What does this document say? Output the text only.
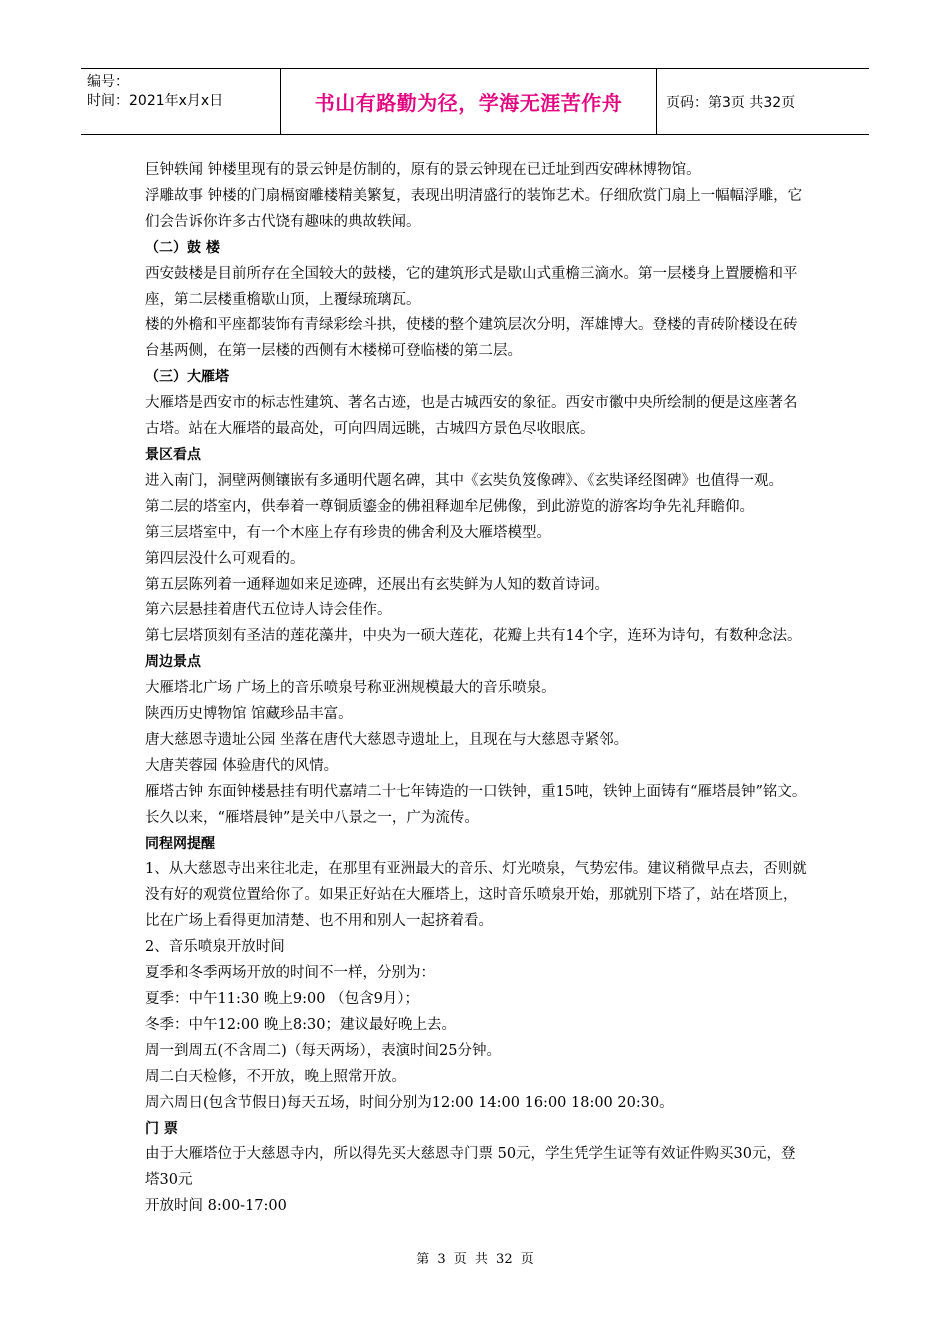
编号：
时间：2021年x月x日	书山有路勤为径，学海无涯苦作舟	页码：第3页 共32页

巨钟轶闻 钟楼里现有的景云钟是仿制的，原有的景云钟现在已迁址到西安碑林博物馆。

浮雕故事 钟楼的门扇槅窗雕楼精美繁复，表现出明清盛行的装饰艺术。仔细欣赏门扇上一幅幅浮雕，它们会告诉你许多古代饶有趣味的典故轶闻。

（二）鼓 楼

西安鼓楼是目前所存在全国较大的鼓楼，它的建筑形式是歇山式重檐三滴水。第一层楼身上置腰檐和平座，第二层楼重檐歇山顶，上覆绿琉璃瓦。

楼的外檐和平座都装饰有青绿彩绘斗拱，使楼的整个建筑层次分明，浑雄博大。登楼的青砖阶楼设在砖台基两侧，在第一层楼的西侧有木楼梯可登临楼的第二层。

（三）大雁塔

大雁塔是西安市的标志性建筑、著名古迹，也是古城西安的象征。西安市徽中央所绘制的便是这座著名古塔。站在大雁塔的最高处，可向四周远眺，古城四方景色尽收眼底。

景区看点

进入南门，洞壁两侧镶嵌有多通明代题名碑，其中《玄奘负笈像碑》、《玄奘译经图碑》也值得一观。

第二层的塔室内，供奉着一尊铜质鎏金的佛祖释迦牟尼佛像，到此游览的游客均争先礼拜瞻仰。

第三层塔室中，有一个木座上存有珍贵的佛舍利及大雁塔模型。

第四层没什么可观看的。

第五层陈列着一通释迦如来足迹碑，还展出有玄奘鲜为人知的数首诗词。

第六层悬挂着唐代五位诗人诗会佳作。

第七层塔顶刻有圣洁的莲花藻井，中央为一硕大莲花，花瓣上共有14个字，连环为诗句，有数种念法。

周边景点

大雁塔北广场 广场上的音乐喷泉号称亚洲规模最大的音乐喷泉。

陕西历史博物馆 馆藏珍品丰富。

唐大慈恩寺遗址公园 坐落在唐代大慈恩寺遗址上，且现在与大慈恩寺紧邻。

大唐芙蓉园 体验唐代的风情。

雁塔古钟 东面钟楼悬挂有明代嘉靖二十七年铸造的一口铁钟，重15吨，铁钟上面铸有“雁塔晨钟”铭文。长久以来，“雁塔晨钟”是关中八景之一，广为流传。

同程网提醒

1、从大慈恩寺出来往北走，在那里有亚洲最大的音乐、灯光喷泉，气势宏伟。建议稍微早点去，否则就没有好的观赏位置给你了。如果正好站在大雁塔上，这时音乐喷泉开始，那就别下塔了，站在塔顶上，比在广场上看得更加清楚、也不用和别人一起挤着看。

2、音乐喷泉开放时间

夏季和冬季两场开放的时间不一样，分别为：

夏季：中午11:30 晚上9:00 （包含9月）；

冬季：中午12:00 晚上8:30；建议最好晚上去。

周一到周五(不含周二)（每天两场），表演时间25分钟。

周二白天检修，不开放，晚上照常开放。

周六周日(包含节假日)每天五场，时间分别为12:00 14:00 16:00 18:00 20:30。

门 票

由于大雁塔位于大慈恩寺内，所以得先买大慈恩寺门票 50元，学生凭学生证等有效证件购买30元，登塔30元

开放时间 8:00-17:00

第 3 页 共 32 页
